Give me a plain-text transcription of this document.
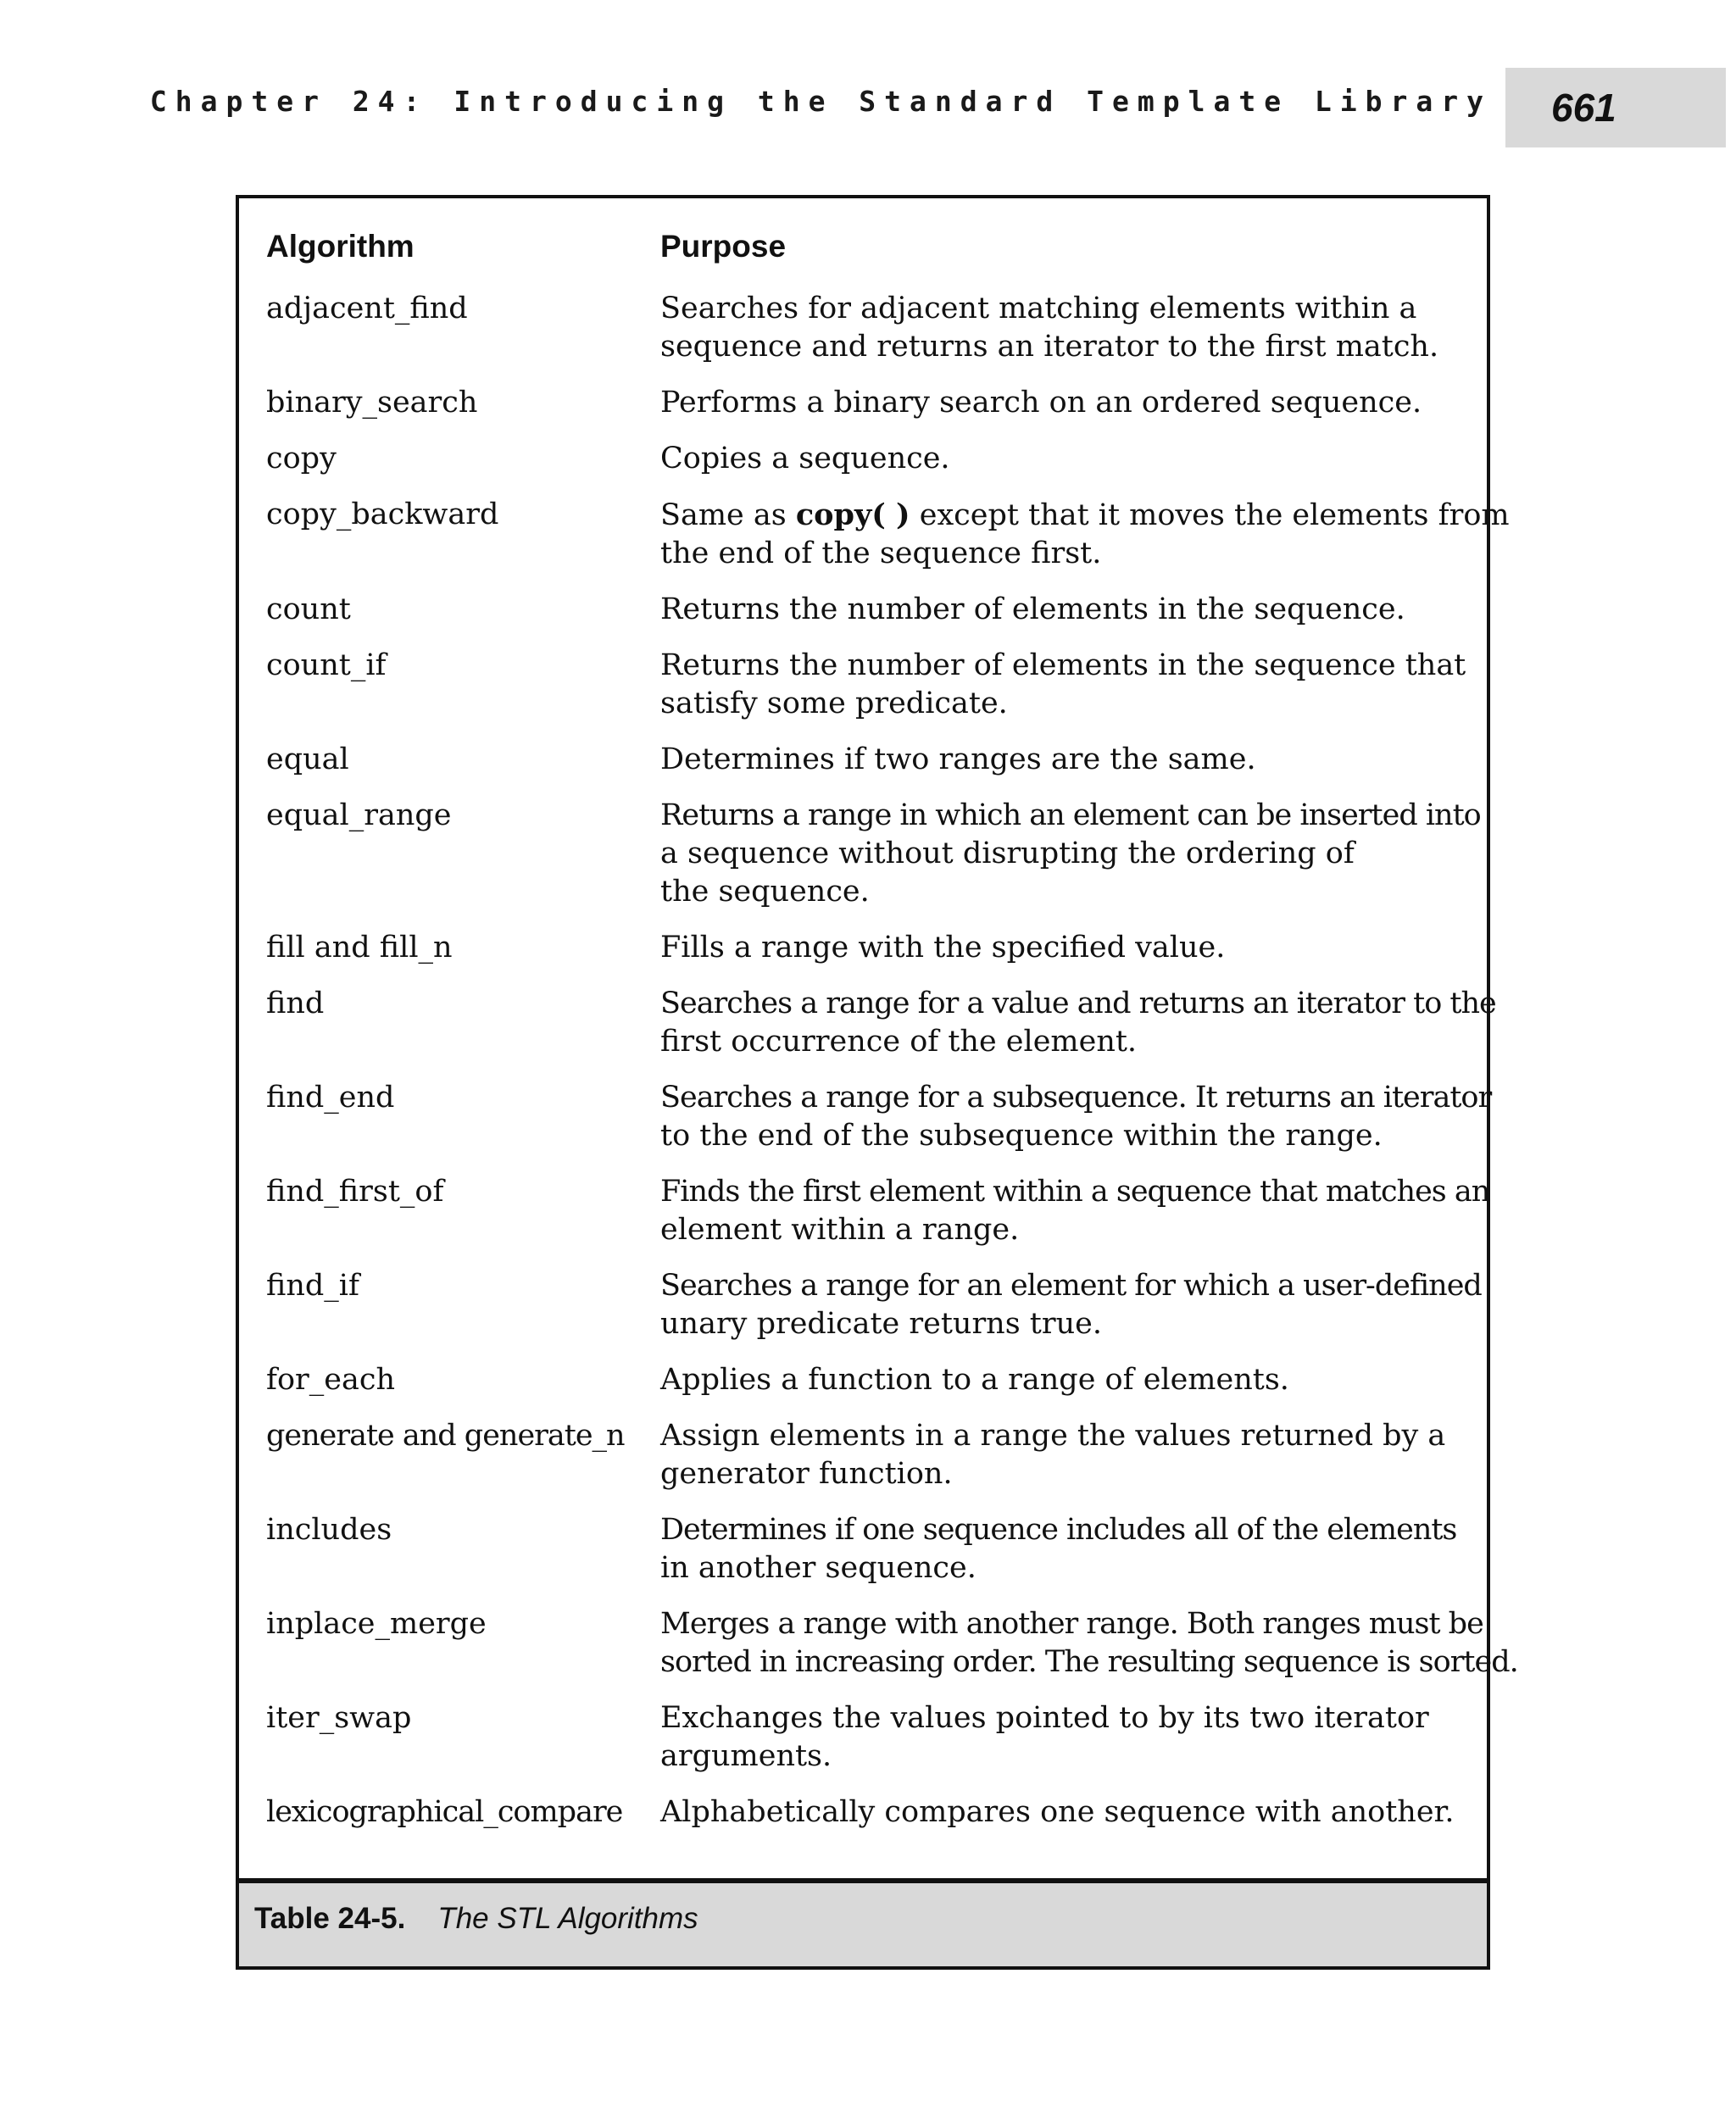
Chapter 24: Introducing the Standard Template Library 661
Algorithm	Purpose
adjacent_find	Searches for adjacent matching elements within a
sequence and returns an iterator to the first match.
binary_search	Performs a binary search on an ordered sequence.
copy	Copies a sequence.
copy_backward	Same as copy( ) except that it moves the elements from
the end of the sequence first.
count	Returns the number of elements in the sequence.
count_if	Returns the number of elements in the sequence that
satisfy some predicate.
equal	Determines if two ranges are the same.
equal_range	Returns a range in which an element can be inserted into
a sequence without disrupting the ordering of
the sequence.
fill and fill_n	Fills a range with the specified value.
find	Searches a range for a value and returns an iterator to the
first occurrence of the element.
find_end	Searches a range for a subsequence. It returns an iterator
to the end of the subsequence within the range.
find_first_of	Finds the first element within a sequence that matches an
element within a range.
find_if	Searches a range for an element for which a user-defined
unary predicate returns true.
for_each	Applies a function to a range of elements.
generate and generate_n	Assign elements in a range the values returned by a
generator function.
includes	Determines if one sequence includes all of the elements
in another sequence.
inplace_merge	Merges a range with another range. Both ranges must be
sorted in increasing order. The resulting sequence is sorted.
iter_swap	Exchanges the values pointed to by its two iterator
arguments.
lexicographical_compare	Alphabetically compares one sequence with another.
Table 24-5. The STL Algorithms
